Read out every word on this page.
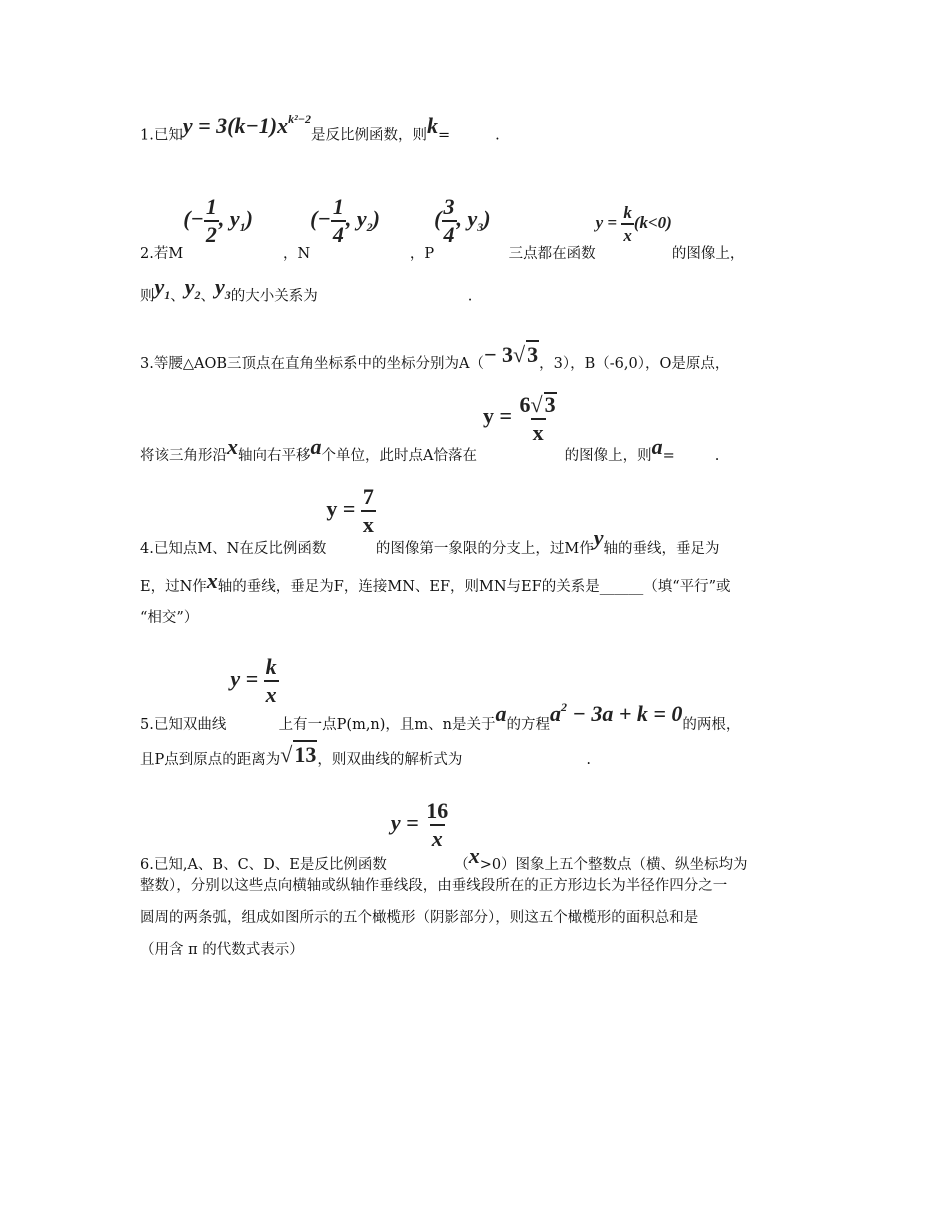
1.已知$y = 3(k-1)x^{k^2-2}$是反比例函数，则k=	.
2.若$M(- \frac{1}{2}$ , $y_1$)，$N(- \frac{1}{4}$ , $y_2$)，$P( \frac{3}{4}$ , $y_3$)三点都在函数$y = \frac{k}{x} (k<0)$的图像上，
则$y_1$、$y_2$、$y_3$的大小关系为	.
3.等腰△AOB三顶点在直角坐标系中的坐标分别为A（− 3√3，3），B（-6,0），O是原点，
将该三角形沿x轴向右平移a个单位，此时点A恰落在$y = \frac{6√3}{x}$
的图像上，则a=	.
4.已知点M、N在反比例函数$y = \frac{7}{x}$
的图像第一象限的分支上，过M作y轴的垂线，垂足为
E，过N作x轴的垂线，垂足为F，连接MN、EF，则MN与EF的关系是______（填“平行”或
“相交”）
5.已知双曲线$y = \frac{k}{x}$
上有一点P(m,n)，且m、n是关于a的方程$a^2 - 3a + k = 0$的两根，
且P点到原点的距离为√13，则双曲线的解析式为	.
6.已知,A、B、C、D、E是反比例函数$y = \frac{16}{x}$
（x>0）图象上五个整数点（横、纵坐标均为
整数），分别以这些点向横轴或纵轴作垂线段，由垂线段所在的正方形边长为半径作四分之一
圆周的两条弧，组成如图所示的五个橄榄形（阴影部分），则这五个橄榄形的面积总和是
（用含 π 的代数式表示）
